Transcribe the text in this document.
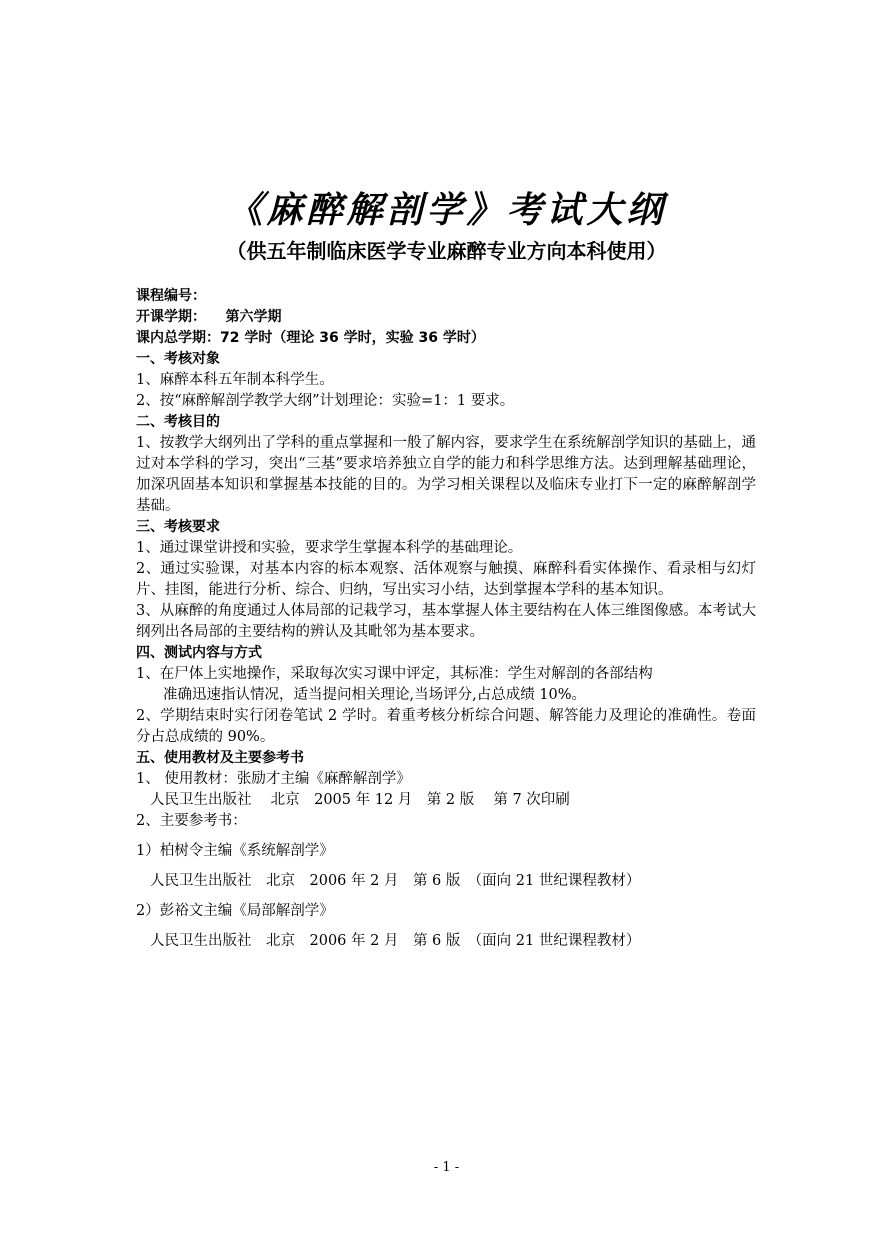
《麻醉解剖学》考试大纲
（供五年制临床医学专业麻醉专业方向本科使用）
课程编号：
开课学期： 第六学期
课内总学期：72 学时（理论 36 学时，实验 36 学时）
一、考核对象
1、麻醉本科五年制本科学生。
2、按“麻醉解剖学教学大纲”计划理论：实验=1：1 要求。
二、考核目的
1、按教学大纲列出了学科的重点掌握和一般了解内容，要求学生在系统解剖学知识的基础上，通过对本学科的学习，突出“三基”要求培养独立自学的能力和科学思维方法。达到理解基础理论，加深巩固基本知识和掌握基本技能的目的。为学习相关课程以及临床专业打下一定的麻醉解剖学基础。
三、考核要求
1、通过课堂讲授和实验，要求学生掌握本科学的基础理论。
2、通过实验课，对基本内容的标本观察、活体观察与触摸、麻醉科看实体操作、看录相与幻灯片、挂图，能进行分析、综合、归纳，写出实习小结，达到掌握本学科的基本知识。
3、从麻醉的角度通过人体局部的记栽学习，基本掌握人体主要结构在人体三维图像感。本考试大纲列出各局部的主要结构的辨认及其毗邻为基本要求。
四、测试内容与方式
1、在尸体上实地操作，采取每次实习课中评定，其标准：学生对解剖的各部结构
准确迅速指认情况，适当提问相关理论,当场评分,占总成绩 10%。
2、学期结束时实行闭卷笔试 2 学时。着重考核分析综合问题、解答能力及理论的准确性。卷面分占总成绩的 90%。
五、使用教材及主要参考书
1、 使用教材：张励才主编《麻醉解剖学》
人民卫生出版社　 北京　2005 年 12 月　第 2 版　 第 7 次印刷
2、主要参考书：
1）柏树令主编《系统解剖学》
人民卫生出版社　北京　2006 年 2 月　第 6 版　（面向 21 世纪课程教材）
2）彭裕文主编《局部解剖学》
人民卫生出版社　北京　2006 年 2 月　第 6 版　（面向 21 世纪课程教材）
- 1 -
